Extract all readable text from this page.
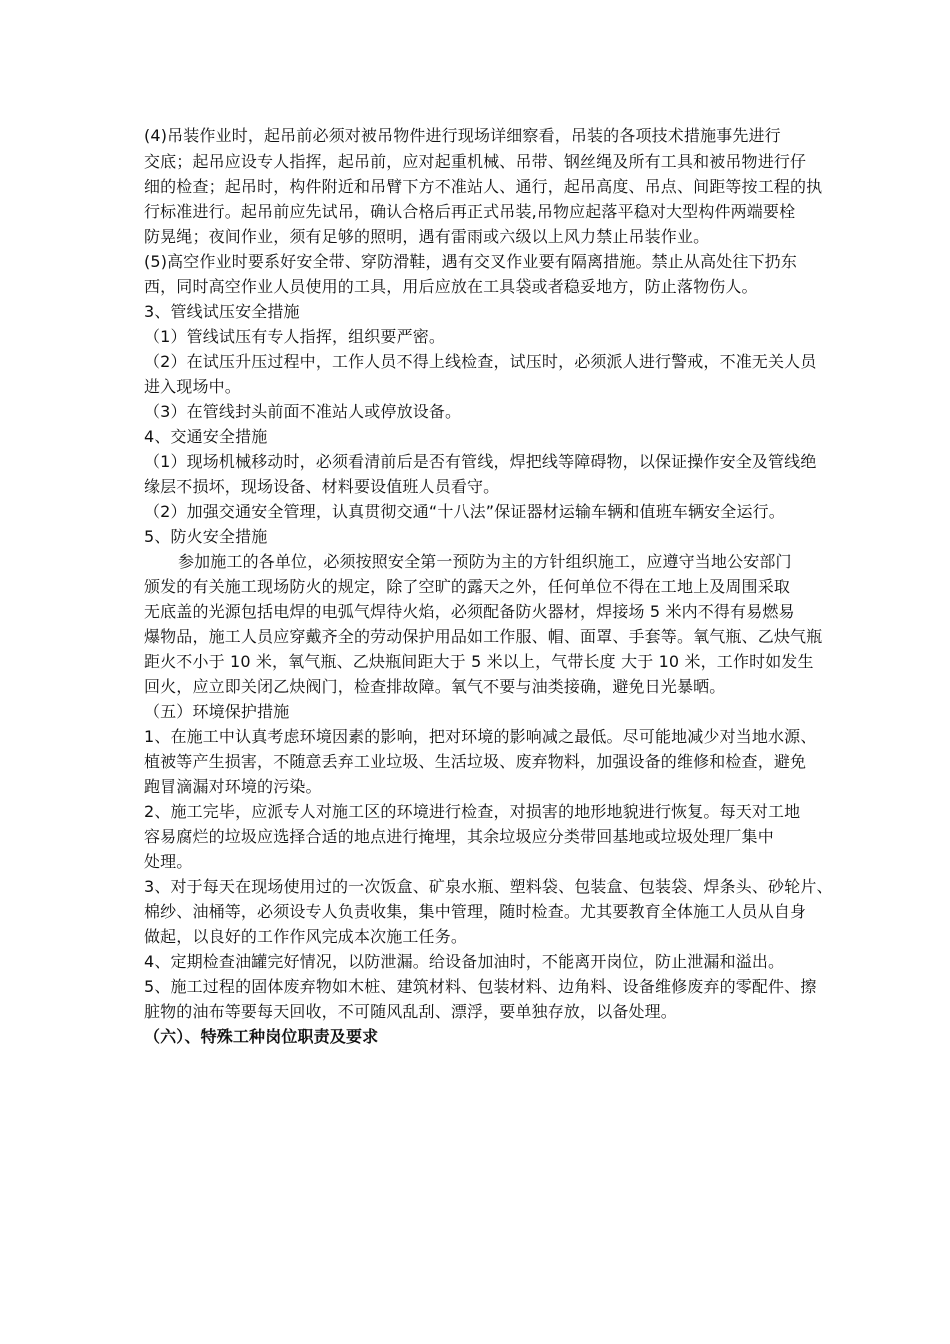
(4)吊装作业时，起吊前必须对被吊物件进行现场详细察看，吊装的各项技术措施事先进行
交底；起吊应设专人指挥，起吊前，应对起重机械、吊带、钢丝绳及所有工具和被吊物进行仔
细的检查；起吊时，构件附近和吊臂下方不准站人、通行，起吊高度、吊点、间距等按工程的执
行标准进行。起吊前应先试吊，确认合格后再正式吊装,吊物应起落平稳对大型构件两端要栓
防晃绳；夜间作业，须有足够的照明，遇有雷雨或六级以上风力禁止吊装作业。
(5)高空作业时要系好安全带、穿防滑鞋，遇有交叉作业要有隔离措施。禁止从高处往下扔东
西，同时高空作业人员使用的工具，用后应放在工具袋或者稳妥地方，防止落物伤人。
3、管线试压安全措施
（1）管线试压有专人指挥，组织要严密。
（2）在试压升压过程中，工作人员不得上线检查，试压时，必须派人进行警戒，不准无关人员
进入现场中。
（3）在管线封头前面不准站人或停放设备。
4、交通安全措施
（1）现场机械移动时，必须看清前后是否有管线，焊把线等障碍物，以保证操作安全及管线绝
缘层不损坏，现场设备、材料要设值班人员看守。
（2）加强交通安全管理，认真贯彻交通“十八法”保证器材运输车辆和值班车辆安全运行。
5、防火安全措施
参加施工的各单位，必须按照安全第一预防为主的方针组织施工，应遵守当地公安部门
颁发的有关施工现场防火的规定，除了空旷的露天之外，任何单位不得在工地上及周围采取
无底盖的光源包括电焊的电弧气焊待火焰，必须配备防火器材，焊接场 5 米内不得有易燃易
爆物品，施工人员应穿戴齐全的劳动保护用品如工作服、帽、面罩、手套等。氧气瓶、乙炔气瓶
距火不小于 10 米，氧气瓶、乙炔瓶间距大于 5 米以上，气带长度 大于 10 米，工作时如发生
回火，应立即关闭乙炔阀门，检查排故障。氧气不要与油类接确，避免日光暴晒。
（五）环境保护措施
1、在施工中认真考虑环境因素的影响，把对环境的影响减之最低。尽可能地减少对当地水源、
植被等产生损害，不随意丢弃工业垃圾、生活垃圾、废弃物料，加强设备的维修和检查，避免
跑冒滴漏对环境的污染。
2、施工完毕，应派专人对施工区的环境进行检查，对损害的地形地貌进行恢复。每天对工地
容易腐烂的垃圾应选择合适的地点进行掩埋，其余垃圾应分类带回基地或垃圾处理厂集中
处理。
3、对于每天在现场使用过的一次饭盒、矿泉水瓶、塑料袋、包装盒、包装袋、焊条头、砂轮片、
棉纱、油桶等，必须设专人负责收集，集中管理，随时检查。尤其要教育全体施工人员从自身
做起，以良好的工作作风完成本次施工任务。
4、定期检查油罐完好情况，以防泄漏。给设备加油时，不能离开岗位，防止泄漏和溢出。
5、施工过程的固体废弃物如木桩、建筑材料、包装材料、边角料、设备维修废弃的零配件、擦
脏物的油布等要每天回收，不可随风乱刮、漂浮，要单独存放，以备处理。
（六）、特殊工种岗位职责及要求
